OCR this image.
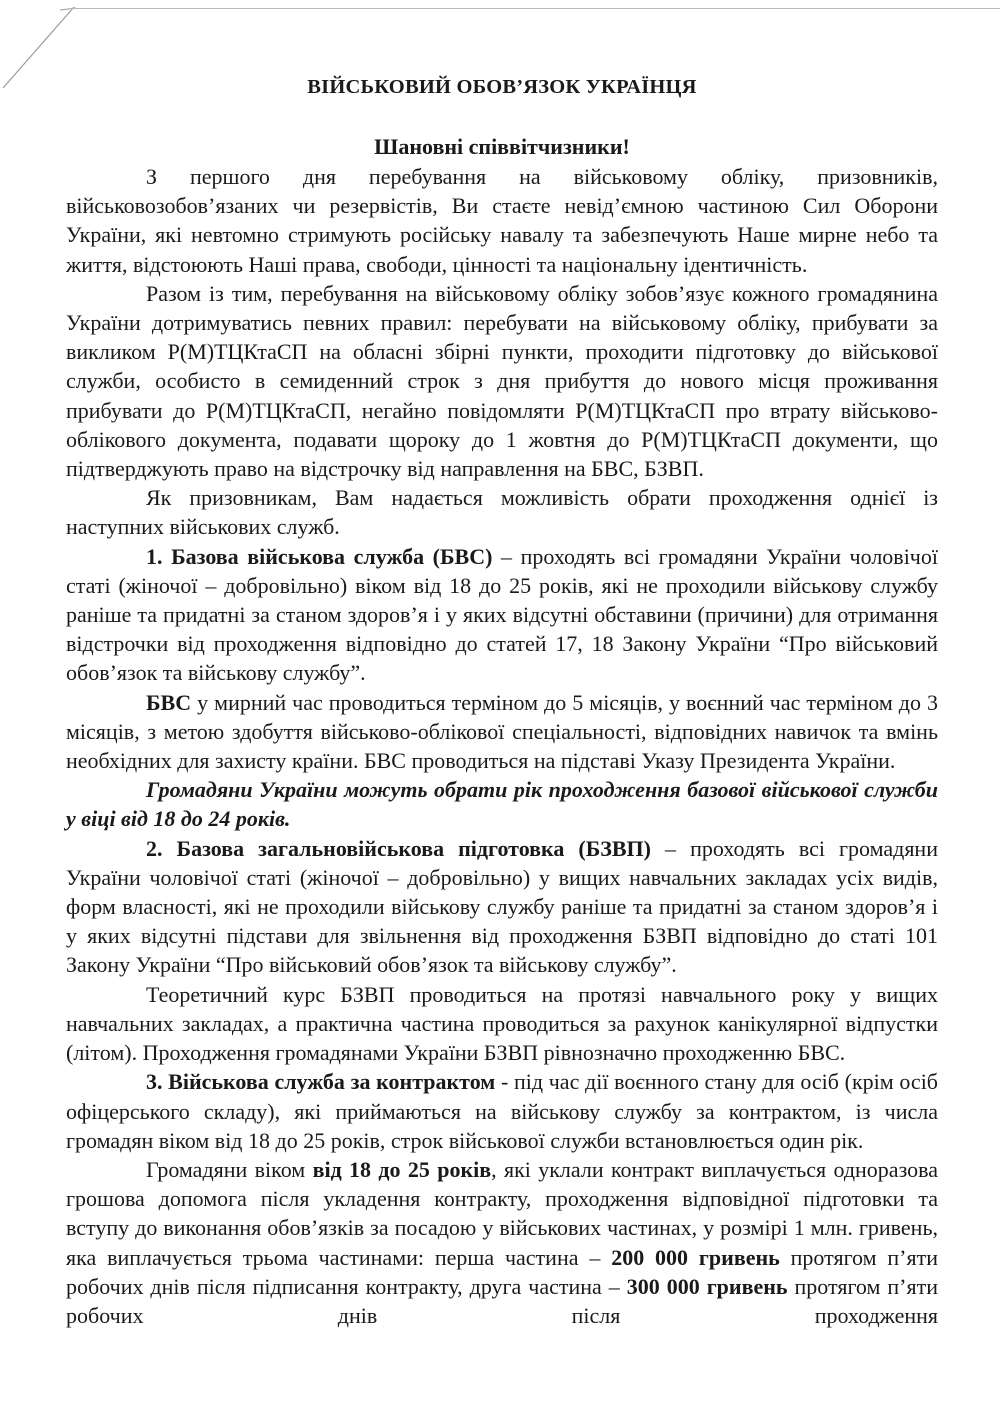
ВІЙСЬКОВИЙ ОБОВ’ЯЗОК УКРАЇНЦЯ

Шановні співвітчизники!

З першого дня перебування на військовому обліку, призовників, військовозобов’язаних чи резервістів, Ви стаєте невід’ємною частиною Сил Оборони України, які невтомно стримують російську навалу та забезпечують Наше мирне небо та життя, відстоюють Наші права, свободи, цінності та національну ідентичність.

Разом із тим, перебування на військовому обліку зобов’язує кожного громадянина України дотримуватись певних правил: перебувати на військовому обліку, прибувати за викликом Р(М)ТЦКтаСП на обласні збірні пункти, проходити підготовку до військової служби, особисто в семиденний строк з дня прибуття до нового місця проживання прибувати до Р(М)ТЦКтаСП, негайно повідомляти Р(М)ТЦКтаСП про втрату військово-облікового документа, подавати щороку до 1 жовтня до Р(М)ТЦКтаСП документи, що підтверджують право на відстрочку від направлення на БВС, БЗВП.

Як призовникам, Вам надається можливість обрати проходження однієї із наступних військових служб.

1. Базова військова служба (БВС) – проходять всі громадяни України чоловічої статі (жіночої – добровільно) віком від 18 до 25 років, які не проходили військову службу раніше та придатні за станом здоров’я і у яких відсутні обставини (причини) для отримання відстрочки від проходження відповідно до статей 17, 18 Закону України “Про військовий обов’язок та військову службу”.

БВС у мирний час проводиться терміном до 5 місяців, у воєнний час терміном до 3 місяців, з метою здобуття військово-облікової спеціальності, відповідних навичок та вмінь необхідних для захисту країни. БВС проводиться на підставі Указу Президента України.

Громадяни України можуть обрати рік проходження базової військової служби у віці від 18 до 24 років.

2. Базова загальновійськова підготовка (БЗВП) – проходять всі громадяни України чоловічої статі (жіночої – добровільно) у вищих навчальних закладах усіх видів, форм власності, які не проходили військову службу раніше та придатні за станом здоров’я і у яких відсутні підстави для звільнення від проходження БЗВП відповідно до статі 101 Закону України “Про військовий обов’язок та військову службу”.

Теоретичний курс БЗВП проводиться на протязі навчального року у вищих навчальних закладах, а практична частина проводиться за рахунок канікулярної відпустки (літом). Проходження громадянами України БЗВП рівнозначно проходженню БВС.

3. Військова служба за контрактом - під час дії воєнного стану для осіб (крім осіб офіцерського складу), які приймаються на військову службу за контрактом, із числа громадян віком від 18 до 25 років, строк військової служби встановлюється один рік.

Громадяни віком від 18 до 25 років, які уклали контракт виплачується одноразова грошова допомога після укладення контракту, проходження відповідної підготовки та вступу до виконання обов’язків за посадою у військових частинах, у розмірі 1 млн. гривень, яка виплачується трьома частинами: перша частина – 200 000 гривень протягом п’яти робочих днів після підписання контракту, друга частина – 300 000 гривень протягом п’яти робочих днів після проходження
